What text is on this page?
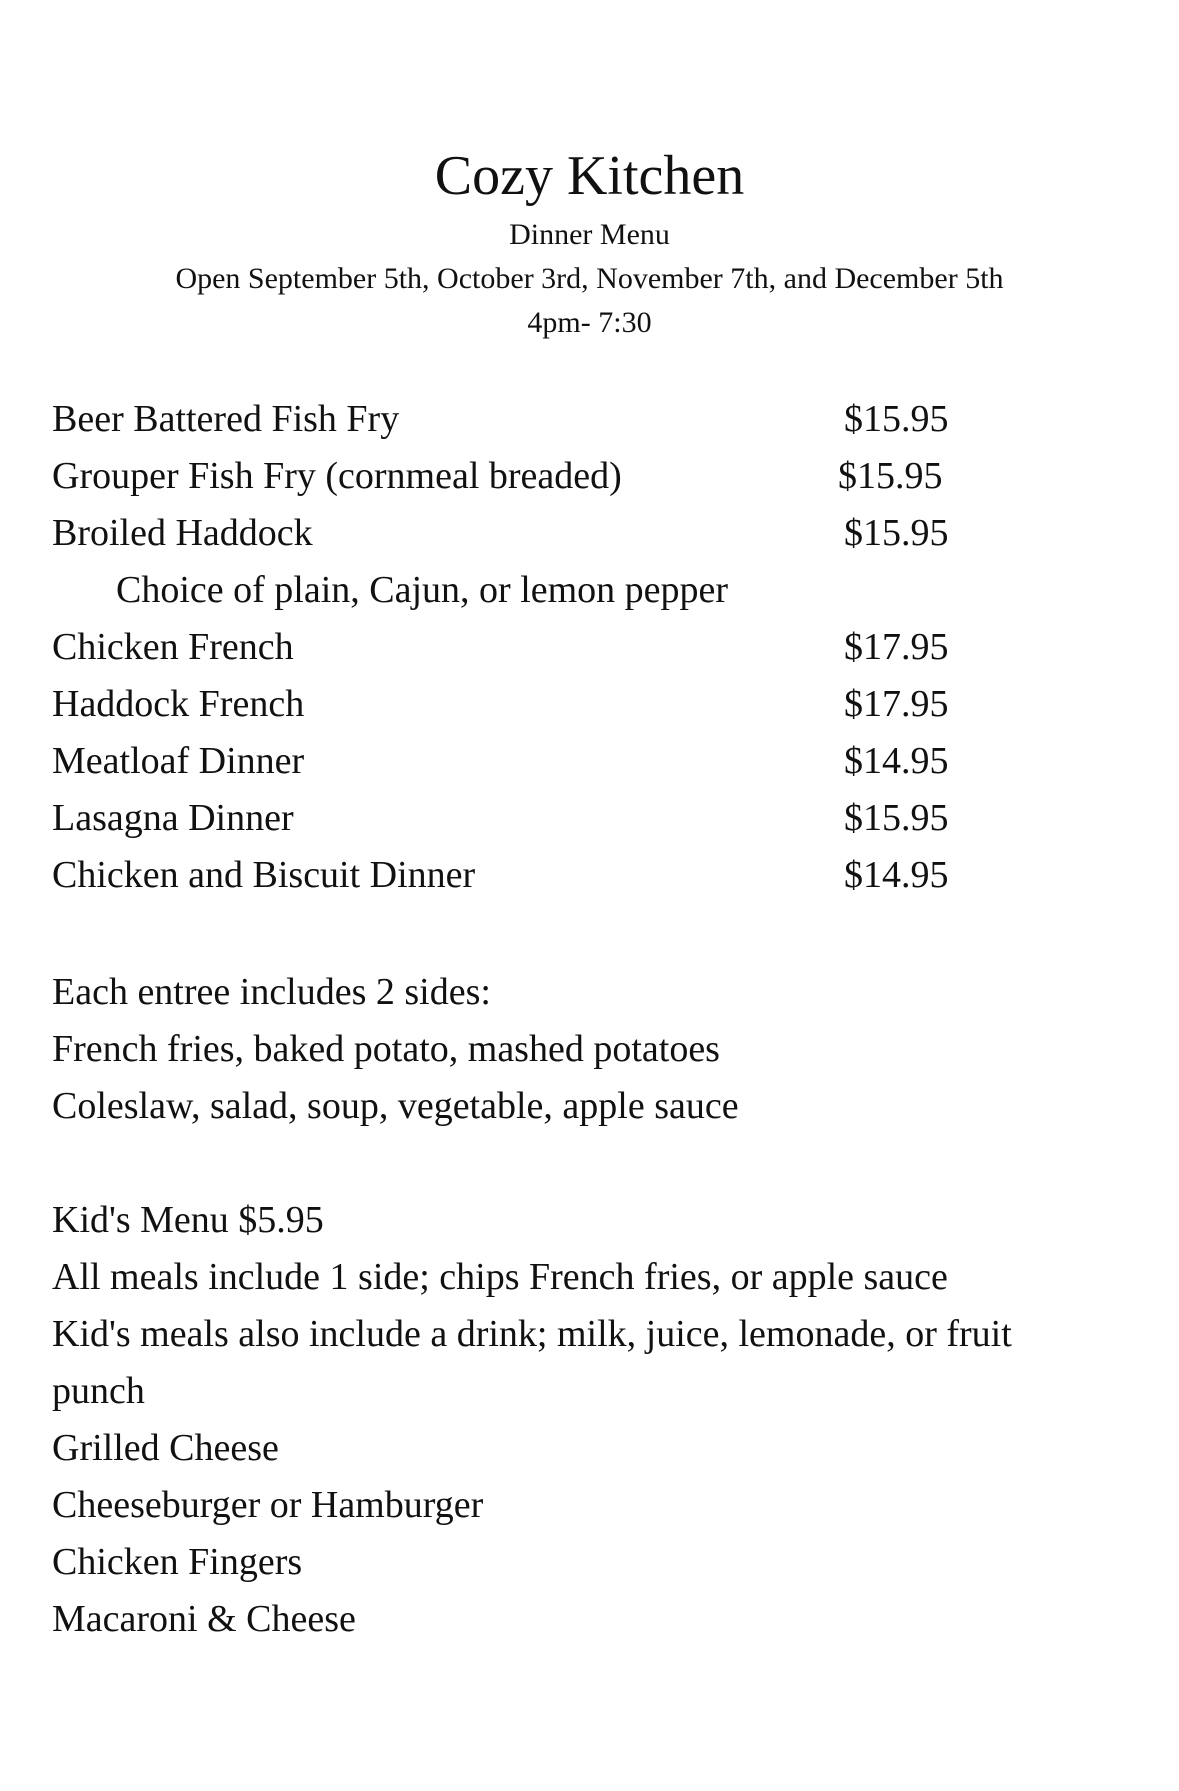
Cozy Kitchen

Dinner Menu

Open September 5th, October 3rd, November 7th, and December 5th

4pm- 7:30

Beer Battered Fish Fry	$15.95
Grouper Fish Fry (cornmeal breaded)	$15.95
Broiled Haddock	$15.95
Choice of plain, Cajun, or lemon pepper
Chicken French	$17.95
Haddock French	$17.95
Meatloaf Dinner	$14.95
Lasagna Dinner	$15.95
Chicken and Biscuit Dinner	$14.95

Each entree includes 2 sides:

French fries, baked potato, mashed potatoes

Coleslaw, salad, soup, vegetable, apple sauce

Kid's Menu $5.95

All meals include 1 side; chips French fries, or apple sauce

Kid's meals also include a drink; milk, juice, lemonade, or fruit

punch

Grilled Cheese

Cheeseburger or Hamburger

Chicken Fingers

Macaroni & Cheese
